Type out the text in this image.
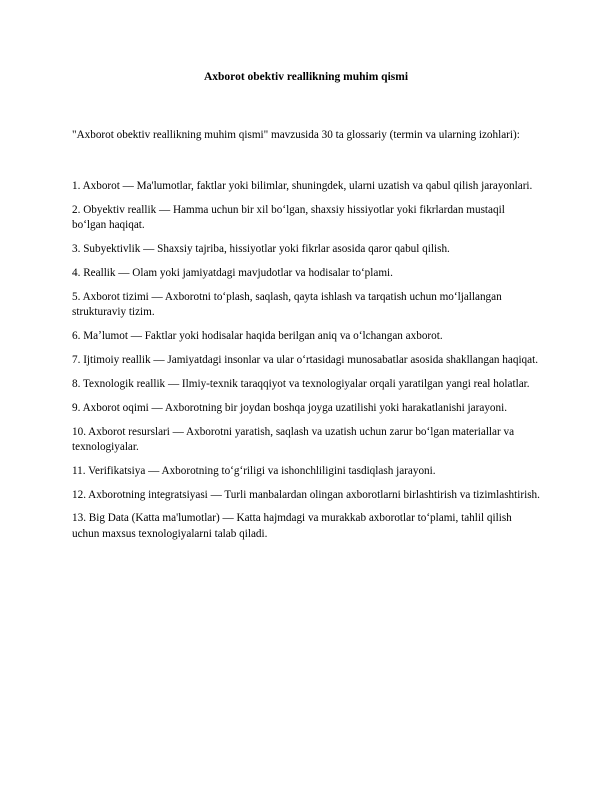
Axborot obektiv reallikning muhim qismi

"Axborot obektiv reallikning muhim qismi" mavzusida 30 ta glossariy (termin va ularning izohlari):

1. Axborot — Ma'lumotlar, faktlar yoki bilimlar, shuningdek, ularni uzatish va qabul qilish jarayonlari.
2. Obyektiv reallik — Hamma uchun bir xil boʻlgan, shaxsiy hissiyotlar yoki fikrlardan mustaqil boʻlgan haqiqat.
3. Subyektivlik — Shaxsiy tajriba, hissiyotlar yoki fikrlar asosida qaror qabul qilish.
4. Reallik — Olam yoki jamiyatdagi mavjudotlar va hodisalar toʻplami.
5. Axborot tizimi — Axborotni toʻplash, saqlash, qayta ishlash va tarqatish uchun moʻljallangan strukturaviy tizim.
6. Maʼlumot — Faktlar yoki hodisalar haqida berilgan aniq va oʻlchangan axborot.
7. Ijtimoiy reallik — Jamiyatdagi insonlar va ular oʻrtasidagi munosabatlar asosida shakllangan haqiqat.
8. Texnologik reallik — Ilmiy-texnik taraqqiyot va texnologiyalar orqali yaratilgan yangi real holatlar.
9. Axborot oqimi — Axborotning bir joydan boshqa joyga uzatilishi yoki harakatlanishi jarayoni.
10. Axborot resurslari — Axborotni yaratish, saqlash va uzatish uchun zarur boʻlgan materiallar va texnologiyalar.
11. Verifikatsiya — Axborotning toʻgʻriligi va ishonchliligini tasdiqlash jarayoni.
12. Axborotning integratsiyasi — Turli manbalardan olingan axborotlarni birlashtirish va tizimlashtirish.
13. Big Data (Katta ma'lumotlar) — Katta hajmdagi va murakkab axborotlar toʻplami, tahlil qilish uchun maxsus texnologiyalarni talab qiladi.
